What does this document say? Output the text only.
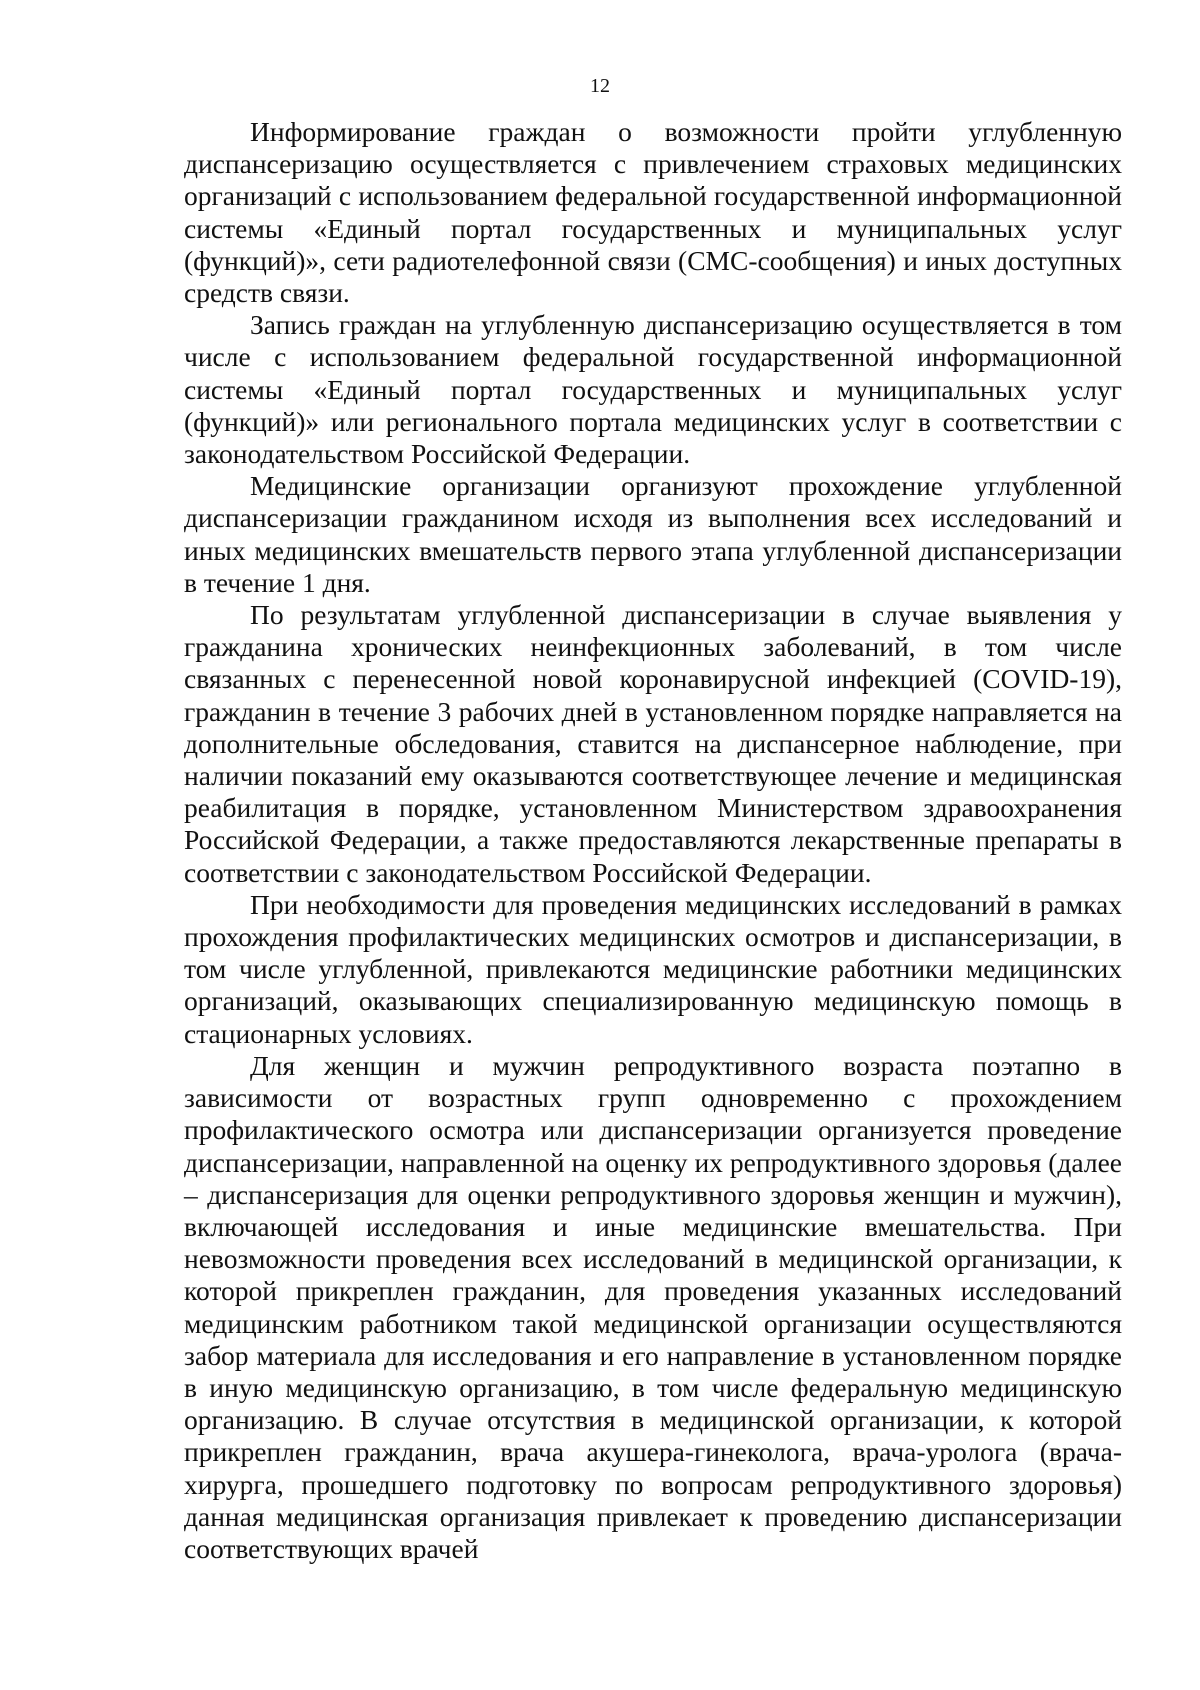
12

Информирование граждан о возможности пройти углубленную диспансеризацию осуществляется с привлечением страховых медицинских организаций с использованием федеральной государственной информационной системы «Единый портал государственных и муниципальных услуг (функций)», сети радиотелефонной связи (СМС-сообщения) и иных доступных средств связи.

Запись граждан на углубленную диспансеризацию осуществляется в том числе с использованием федеральной государственной информационной системы «Единый портал государственных и муниципальных услуг (функций)» или регионального портала медицинских услуг в соответствии с законодательством Российской Федерации.

Медицинские организации организуют прохождение углубленной диспансеризации гражданином исходя из выполнения всех исследований и иных медицинских вмешательств первого этапа углубленной диспансеризации в течение 1 дня.

По результатам углубленной диспансеризации в случае выявления у гражданина хронических неинфекционных заболеваний, в том числе связанных с перенесенной новой коронавирусной инфекцией (COVID-19), гражданин в течение 3 рабочих дней в установленном порядке направляется на дополнительные обследования, ставится на диспансерное наблюдение, при наличии показаний ему оказываются соответствующее лечение и медицинская реабилитация в порядке, установленном Министерством здравоохранения Российской Федерации, а также предоставляются лекарственные препараты в соответствии с законодательством Российской Федерации.

При необходимости для проведения медицинских исследований в рамках прохождения профилактических медицинских осмотров и диспансеризации, в том числе углубленной, привлекаются медицинские работники медицинских организаций, оказывающих специализированную медицинскую помощь в стационарных условиях.

Для женщин и мужчин репродуктивного возраста поэтапно в зависимости от возрастных групп одновременно с прохождением профилактического осмотра или диспансеризации организуется проведение диспансеризации, направленной на оценку их репродуктивного здоровья (далее – диспансеризация для оценки репродуктивного здоровья женщин и мужчин), включающей исследования и иные медицинские вмешательства. При невозможности проведения всех исследований в медицинской организации, к которой прикреплен гражданин, для проведения указанных исследований медицинским работником такой медицинской организации осуществляются забор материала для исследования и его направление в установленном порядке в иную медицинскую организацию, в том числе федеральную медицинскую организацию. В случае отсутствия в медицинской организации, к которой прикреплен гражданин, врача акушера-гинеколога, врача-уролога (врача-хирурга, прошедшего подготовку по вопросам репродуктивного здоровья) данная медицинская организация привлекает к проведению диспансеризации соответствующих врачей
